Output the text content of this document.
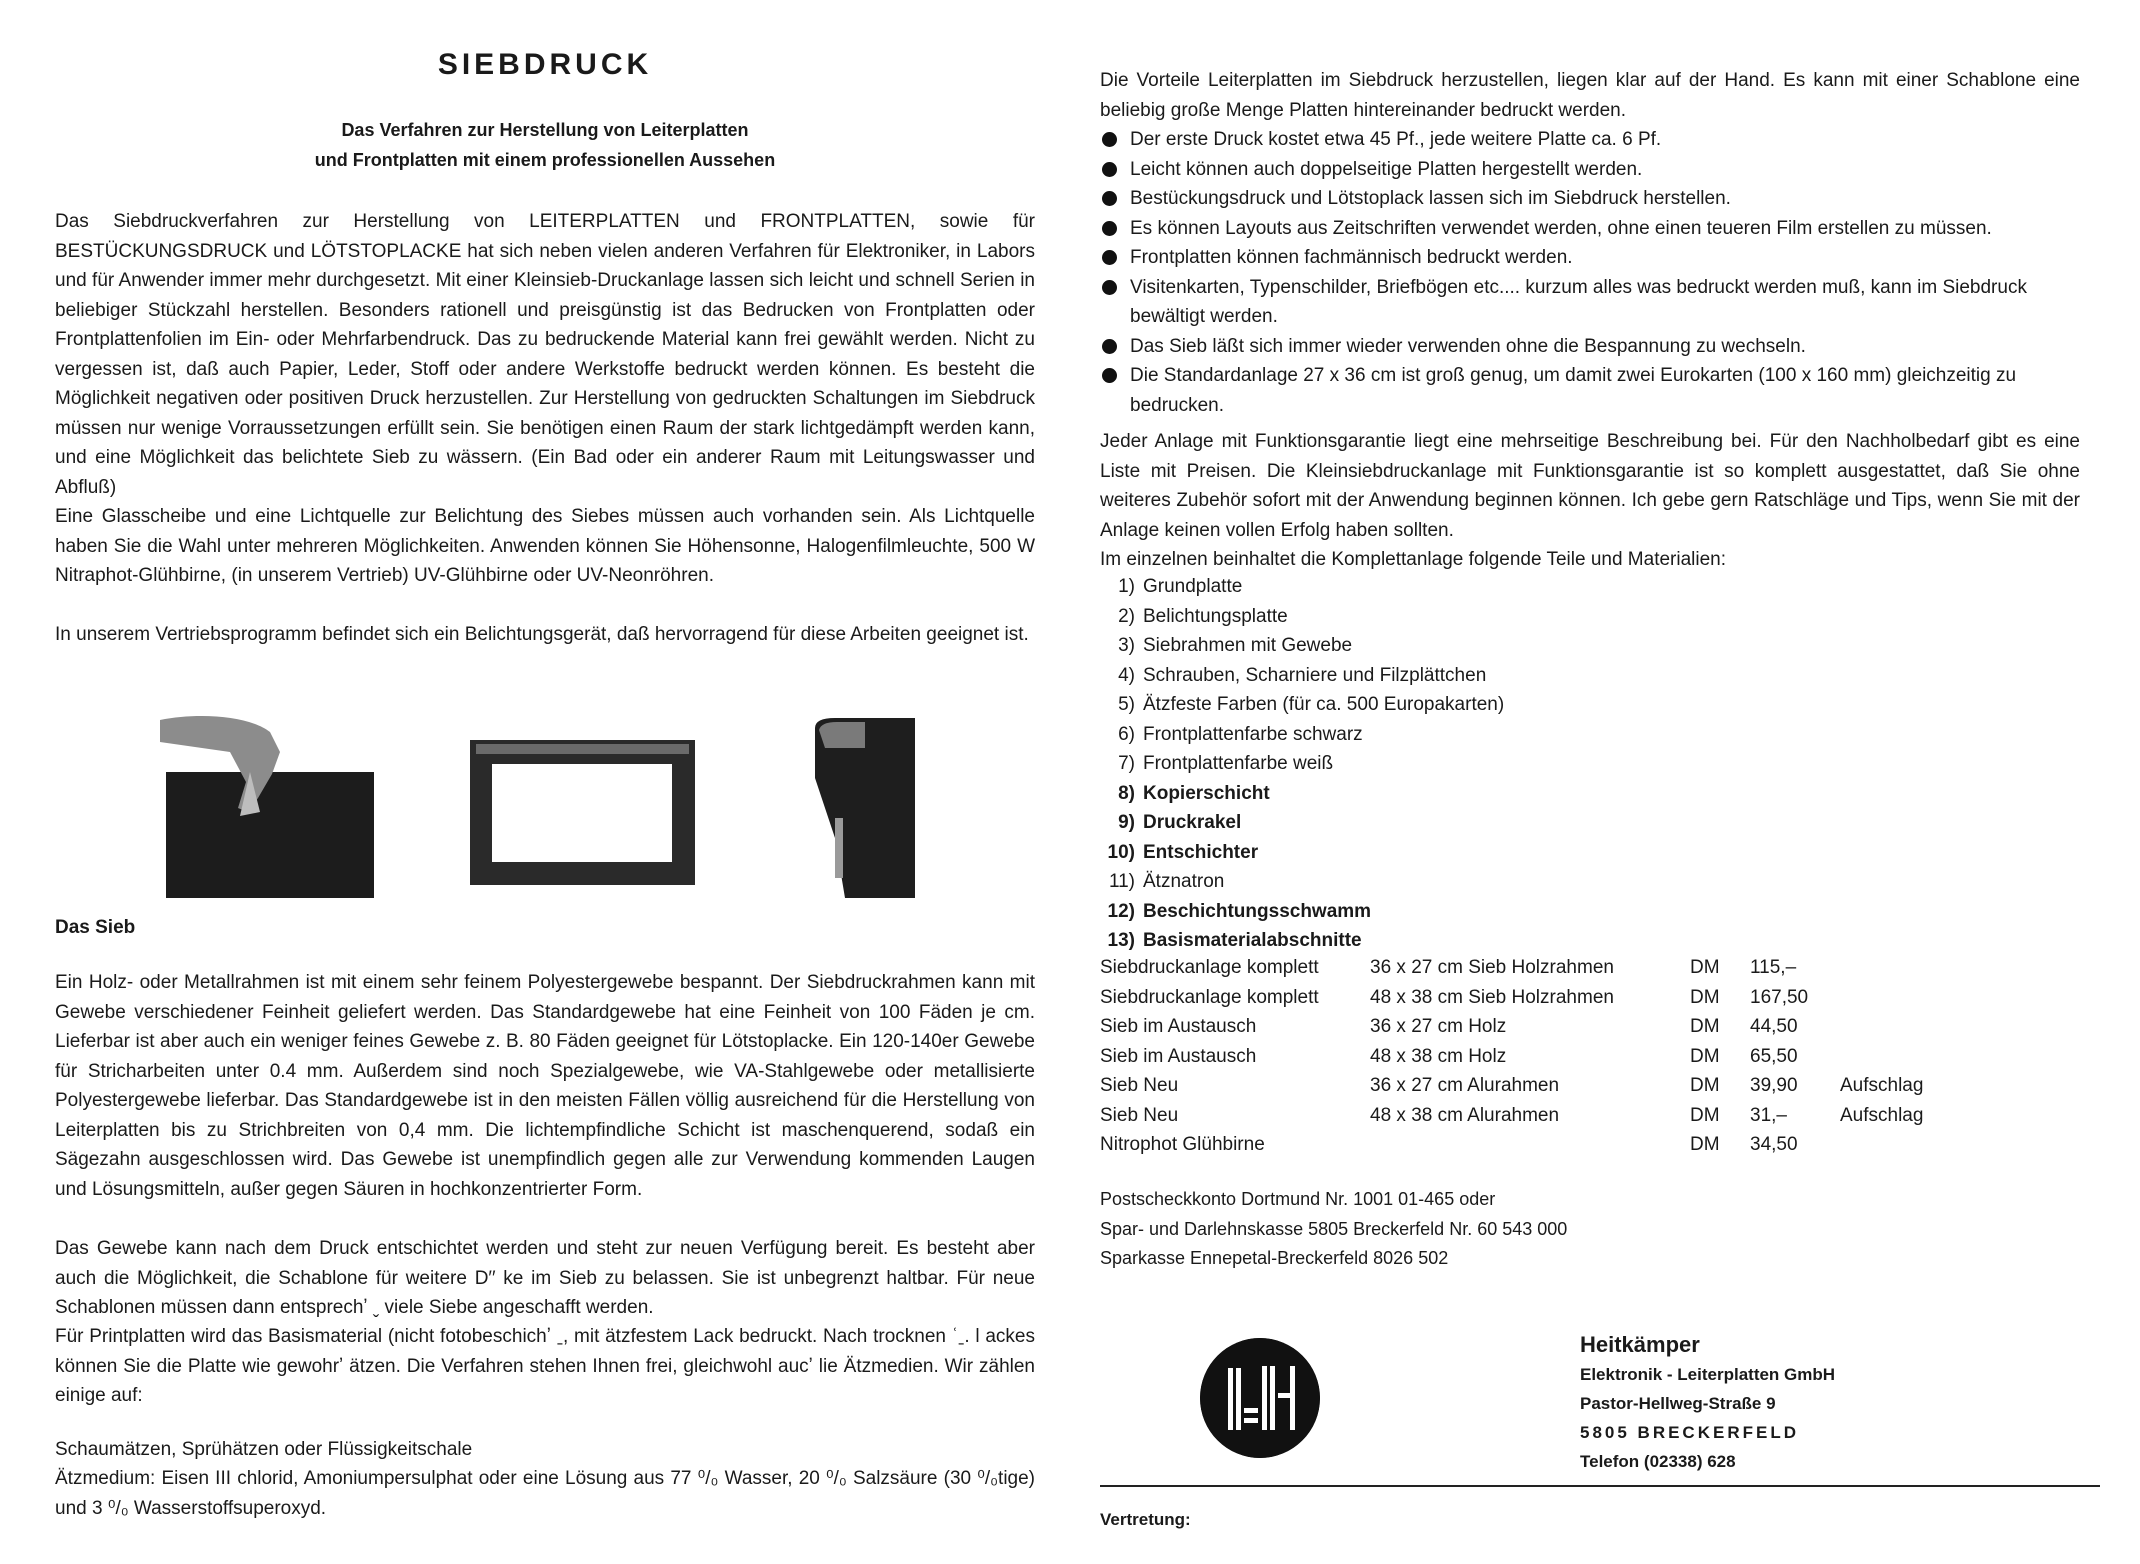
SIEBDRUCK

Das Verfahren zur Herstellung von Leiterplatten

und Frontplatten mit einem professionellen Aussehen

Das Siebdruckverfahren zur Herstellung von LEITERPLATTEN und FRONTPLATTEN, sowie für BESTÜCKUNGSDRUCK und LÖTSTOPLACKE hat sich neben vielen anderen Verfahren für Elektroniker, in Labors und für Anwender immer mehr durchgesetzt. Mit einer Kleinsieb-Druckanlage lassen sich leicht und schnell Serien in beliebiger Stückzahl herstellen. Besonders rationell und preisgünstig ist das Bedrucken von Frontplatten oder Frontplattenfolien im Ein- oder Mehrfarbendruck. Das zu bedruckende Material kann frei gewählt werden. Nicht zu vergessen ist, daß auch Papier, Leder, Stoff oder andere Werkstoffe bedruckt werden können. Es besteht die Möglichkeit negativen oder positiven Druck herzustellen. Zur Herstellung von gedruckten Schaltungen im Siebdruck müssen nur wenige Vorraussetzungen erfüllt sein. Sie benötigen einen Raum der stark lichtgedämpft werden kann, und eine Möglichkeit das belichtete Sieb zu wässern. (Ein Bad oder ein anderer Raum mit Leitungswasser und Abfluß)

Eine Glasscheibe und eine Lichtquelle zur Belichtung des Siebes müssen auch vorhanden sein. Als Lichtquelle haben Sie die Wahl unter mehreren Möglichkeiten. Anwenden können Sie Höhensonne, Halogenfilmleuchte, 500 W Nitraphot-Glühbirne, (in unserem Vertrieb) UV-Glühbirne oder UV-Neonröhren.

In unserem Vertriebsprogramm befindet sich ein Belichtungsgerät, daß hervorragend für diese Arbeiten geeignet ist.

Das Sieb

Ein Holz- oder Metallrahmen ist mit einem sehr feinem Polyestergewebe bespannt. Der Siebdruckrahmen kann mit Gewebe verschiedener Feinheit geliefert werden. Das Standardgewebe hat eine Feinheit von 100 Fäden je cm. Lieferbar ist aber auch ein weniger feines Gewebe z. B. 80 Fäden geeignet für Lötstoplacke. Ein 120-140er Gewebe für Stricharbeiten unter 0.4 mm. Außerdem sind noch Spezialgewebe, wie VA-Stahlgewebe oder metallisierte Polyestergewebe lieferbar. Das Standardgewebe ist in den meisten Fällen völlig ausreichend für die Herstellung von Leiterplatten bis zu Strichbreiten von 0,4 mm. Die lichtempfindliche Schicht ist maschenquerend, sodaß ein Sägezahn ausgeschlossen wird. Das Gewebe ist unempfindlich gegen alle zur Verwendung kommenden Laugen und Lösungsmitteln, außer gegen Säuren in hochkonzentrierter Form.

Das Gewebe kann nach dem Druck entschichtet werden und steht zur neuen Verfügung bereit. Es besteht aber auch die Möglichkeit, die Schablone für weitere D′′ ke im Sieb zu belassen. Sie ist unbegrenzt haltbar. Für neue Schablonen müssen dann entsprechʼ ˬ viele Siebe angeschafft werden.

Für Printplatten wird das Basismaterial (nicht fotobeschichʼ ˍ, mit ätzfestem Lack bedruckt. Nach trocknen ʿˍ. l ackes können Sie die Platte wie gewohrʼ ätzen. Die Verfahren stehen Ihnen frei, gleichwohl aucʼ lie Ätzmedien. Wir zählen einige auf:

Schaumätzen, Sprühätzen oder Flüssigkeitschale

Ätzmedium: Eisen III chlorid, Amoniumpersulphat oder eine Lösung aus 77 ⁰/₀ Wasser, 20 ⁰/₀ Salzsäure (30 ⁰/₀tige) und 3 ⁰/₀ Wasserstoffsuperoxyd.

Die Vorteile Leiterplatten im Siebdruck herzustellen, liegen klar auf der Hand. Es kann mit einer Schablone eine beliebig große Menge Platten hintereinander bedruckt werden.

Der erste Druck kostet etwa 45 Pf., jede weitere Platte ca. 6 Pf.
Leicht können auch doppelseitige Platten hergestellt werden.
Bestückungsdruck und Lötstoplack lassen sich im Siebdruck herstellen.
Es können Layouts aus Zeitschriften verwendet werden, ohne einen teueren Film erstellen zu müssen.
Frontplatten können fachmännisch bedruckt werden.
Visitenkarten, Typenschilder, Briefbögen etc.... kurzum alles was bedruckt werden muß, kann im Siebdruck bewältigt werden.
Das Sieb läßt sich immer wieder verwenden ohne die Bespannung zu wechseln.
Die Standardanlage 27 x 36 cm ist groß genug, um damit zwei Eurokarten (100 x 160 mm) gleichzeitig zu bedrucken.

Jeder Anlage mit Funktionsgarantie liegt eine mehrseitige Beschreibung bei. Für den Nachholbedarf gibt es eine Liste mit Preisen. Die Kleinsiebdruckanlage mit Funktionsgarantie ist so komplett ausgestattet, daß Sie ohne weiteres Zubehör sofort mit der Anwendung beginnen können. Ich gebe gern Ratschläge und Tips, wenn Sie mit der Anlage keinen vollen Erfolg haben sollten.

Im einzelnen beinhaltet die Komplettanlage folgende Teile und Materialien:

1) Grundplatte
2) Belichtungsplatte
3) Siebrahmen mit Gewebe
4) Schrauben, Scharniere und Filzplättchen
5) Ätzfeste Farben (für ca. 500 Europakarten)
6) Frontplattenfarbe schwarz
7) Frontplattenfarbe weiß
8) Kopierschicht
9) Druckrakel
10) Entschichter
11) Ätznatron
12) Beschichtungsschwamm
13) Basismaterialabschnitte
Siebdruckanlage komplett	36 x 27 cm Sieb Holzrahmen	DM	115,–	
Siebdruckanlage komplett	48 x 38 cm Sieb Holzrahmen	DM	167,50	
Sieb im Austausch	36 x 27 cm Holz	DM	44,50	
Sieb im Austausch	48 x 38 cm Holz	DM	65,50	
Sieb Neu	36 x 27 cm Alurahmen	DM	39,90	Aufschlag
Sieb Neu	48 x 38 cm Alurahmen	DM	31,–	Aufschlag
Nitrophot Glühbirne		DM	34,50	
Postscheckkonto Dortmund Nr. 1001 01-465 oder
Spar- und Darlehnskasse 5805 Breckerfeld Nr. 60 543 000
Sparkasse Ennepetal-Breckerfeld 8026 502
Heitkämper
Elektronik - Leiterplatten GmbH
Pastor-Hellweg-Straße 9
5805 BRECKERFELD
Telefon (02338) 628

Vertretung:
